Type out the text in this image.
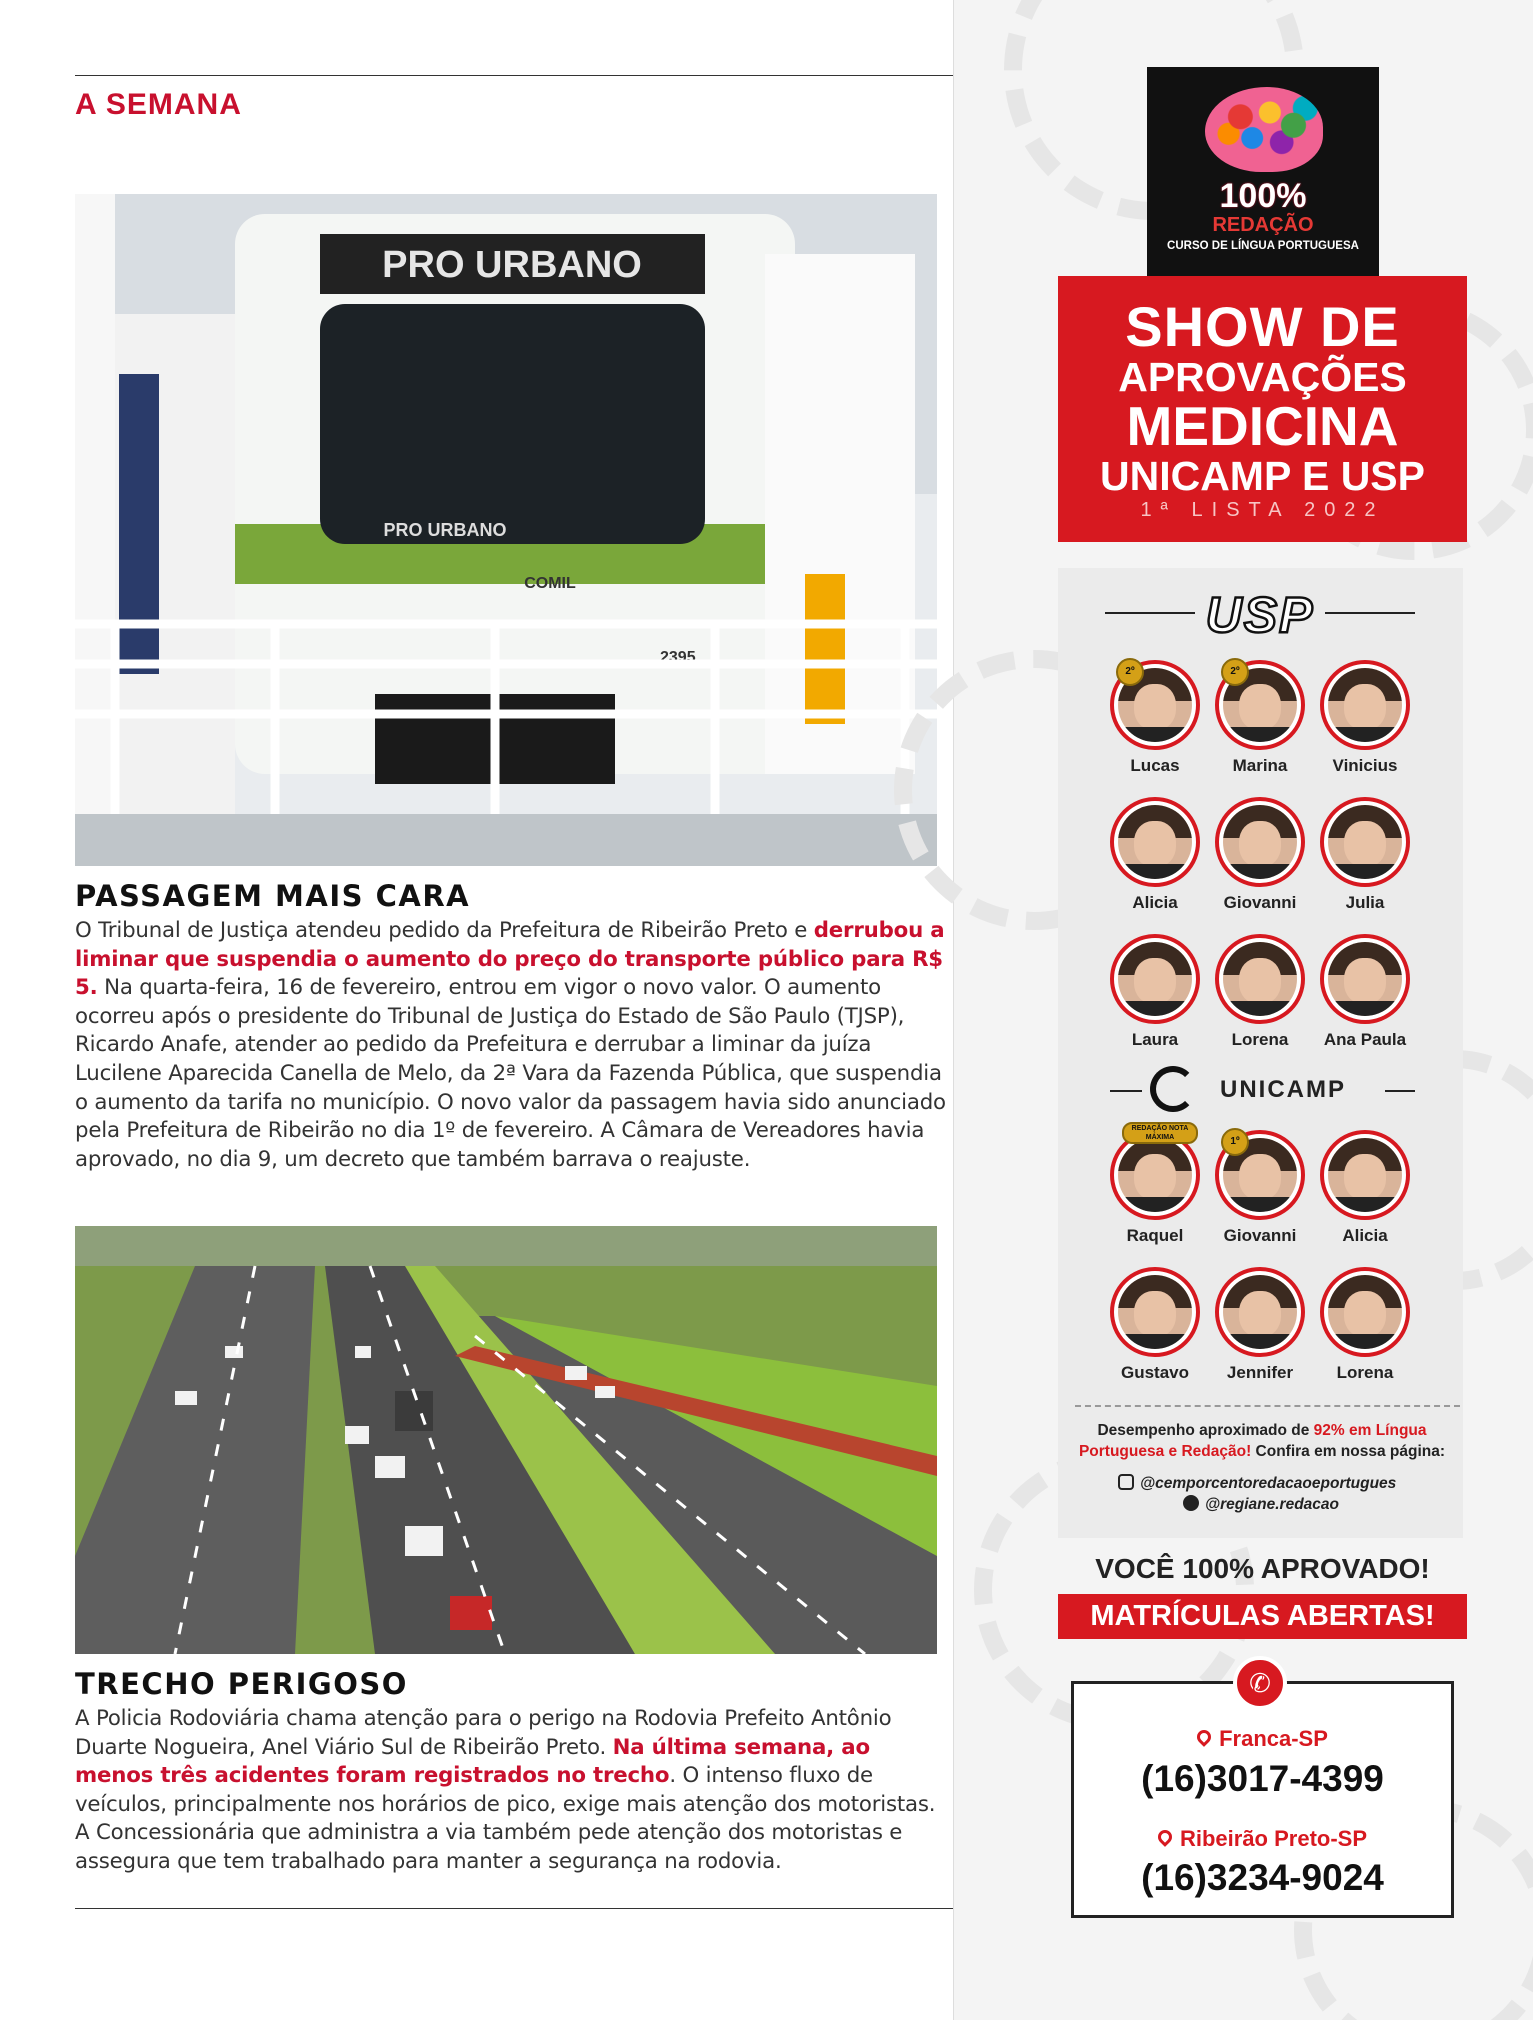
A SEMANA
PRO URBANO
PRO URBANO
COMIL
2395
PASSAGEM MAIS CARA

O Tribunal de Justiça atendeu pedido da Prefeitura de Ribeirão Preto e derrubou a liminar que suspendia o aumento do preço do transporte público para R$ 5. Na quarta-feira, 16 de fevereiro, entrou em vigor o novo valor. O aumento ocorreu após o presidente do Tribunal de Justiça do Estado de São Paulo (TJSP), Ricardo Anafe, atender ao pedido da Prefeitura e derrubar a liminar da juíza Lucilene Aparecida Canella de Melo, da 2ª Vara da Fazenda Pública, que suspendia o aumento da tarifa no município. O novo valor da passagem havia sido anunciado pela Prefeitura de Ribeirão no dia 1º de fevereiro. A Câmara de Vereadores havia aprovado, no dia 9, um decreto que também barrava o reajuste.

TRECHO PERIGOSO

A Policia Rodoviária chama atenção para o perigo na Rodovia Prefeito Antônio Duarte Nogueira, Anel Viário Sul de Ribeirão Preto. Na última semana, ao menos três acidentes foram registrados no trecho. O intenso fluxo de veículos, principalmente nos horários de pico, exige mais atenção dos motoristas. A Concessionária que administra a via também pede atenção dos motoristas e assegura que tem trabalhado para manter a segurança na rodovia.

100%
REDAÇÃO
CURSO DE LÍNGUA PORTUGUESA
SHOW DE
APROVAÇÕES
MEDICINA
UNICAMP E USP
1ª LISTA 2022
USP
2º
Lucas
2º
Marina	Vinicius
Alicia	Giovanni	Julia
Laura	Lorena	Ana Paula
UNICAMP
REDAÇÃO NOTA MÁXIMA
Raquel
1º
Giovanni	Alicia
Gustavo	Jennifer	Lorena
Desempenho aproximado de 92% em Língua Portuguesa e Redação! Confira em nossa página:
@cemporcentoredacaoeportugues
@regiane.redacao
VOCÊ 100% APROVADO!
MATRÍCULAS ABERTAS!
✆
Franca-SP
(16)3017-4399
Ribeirão Preto-SP
(16)3234-9024
